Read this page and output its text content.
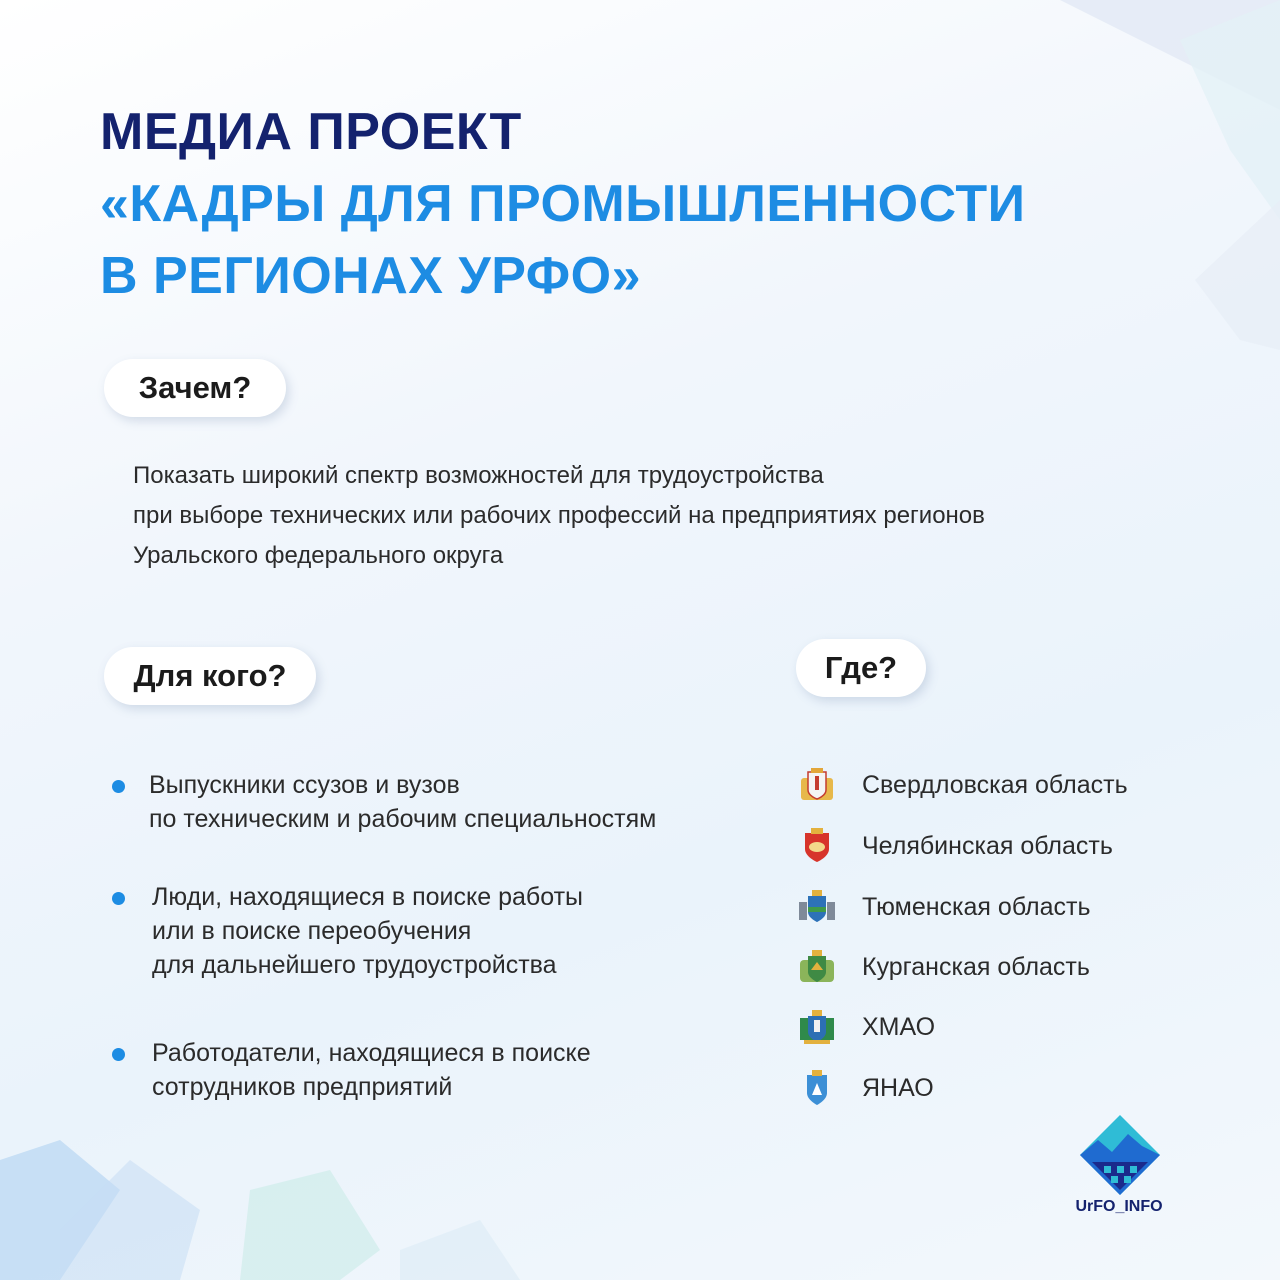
МЕДИА ПРОЕКТ
«КАДРЫ ДЛЯ ПРОМЫШЛЕННОСТИ
В РЕГИОНАХ УРФО»
Зачем?
Показать широкий спектр возможностей для трудоустройства
при выборе технических или рабочих профессий на предприятиях регионов
Уральского федерального округа
Для кого?	Где?
Выпускники ссузов и вузов
по техническим и рабочим специальностям
Люди, находящиеся в поиске работы
или в поиске переобучения
для дальнейшего трудоустройства
Работодатели, находящиеся в поиске
сотрудников предприятий
Свердловская область
Челябинская область
Тюменская область
Курганская область
ХМАО
ЯНАО
UrFO_INFO
